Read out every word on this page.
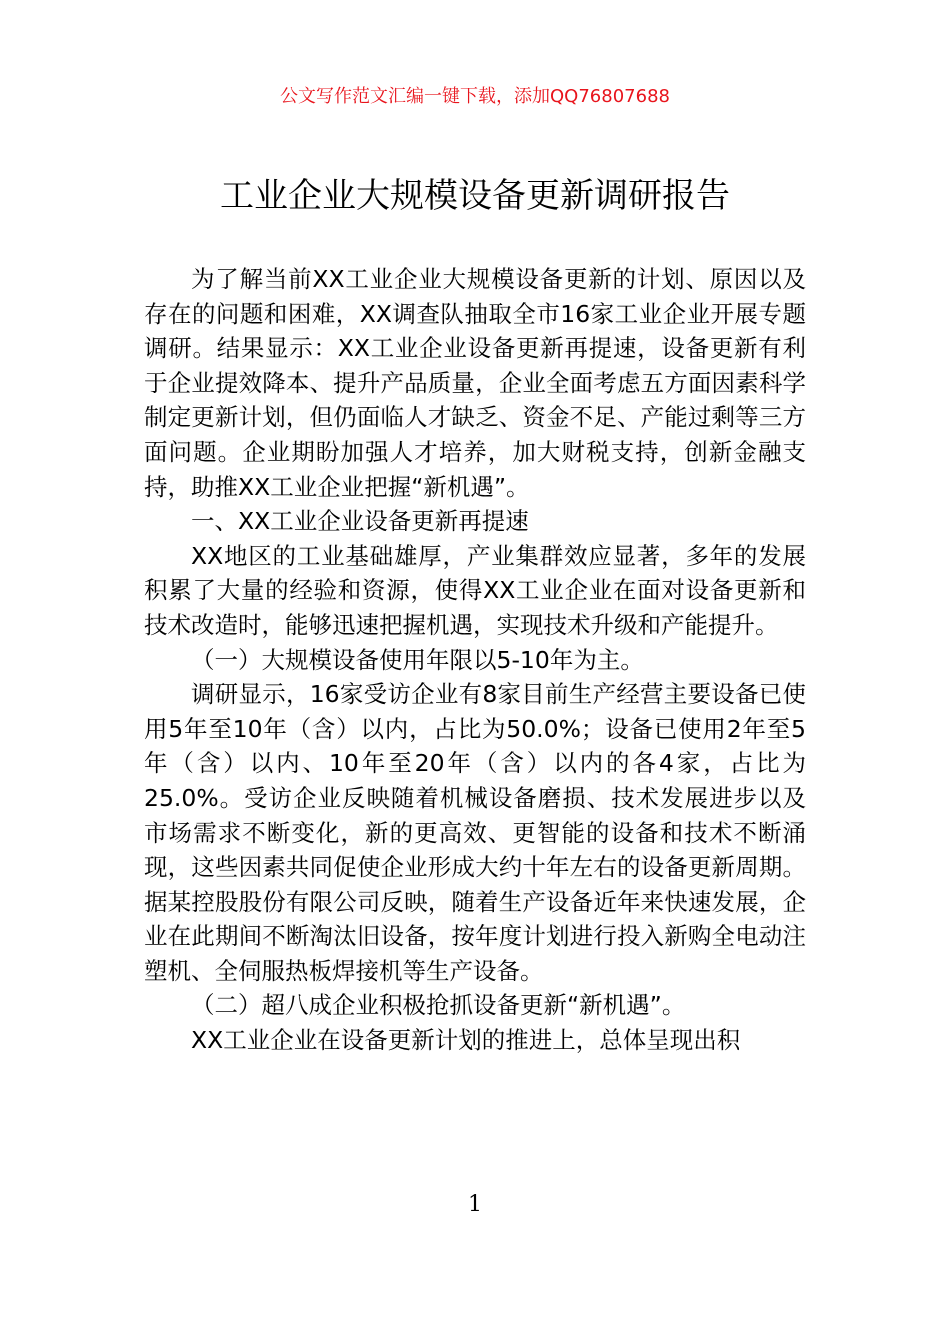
公文写作范文汇编一键下载，添加QQ76807688
工业企业大规模设备更新调研报告

为了解当前XX工业企业大规模设备更新的计划、原因以及存在的问题和困难，XX调查队抽取全市16家工业企业开展专题调研。结果显示：XX工业企业设备更新再提速，设备更新有利于企业提效降本、提升产品质量，企业全面考虑五方面因素科学制定更新计划，但仍面临人才缺乏、资金不足、产能过剩等三方面问题。企业期盼加强人才培养，加大财税支持，创新金融支持，助推XX工业企业把握“新机遇”。

一、XX工业企业设备更新再提速

XX地区的工业基础雄厚，产业集群效应显著，多年的发展积累了大量的经验和资源，使得XX工业企业在面对设备更新和技术改造时，能够迅速把握机遇，实现技术升级和产能提升。

（一）大规模设备使用年限以5-10年为主。

调研显示，16家受访企业有8家目前生产经营主要设备已使用5年至10年（含）以内，占比为50.0%；设备已使用2年至5年（含）以内、10年至20年（含）以内的各4家，占比为25.0%。受访企业反映随着机械设备磨损、技术发展进步以及市场需求不断变化，新的更高效、更智能的设备和技术不断涌现，这些因素共同促使企业形成大约十年左右的设备更新周期。据某控股股份有限公司反映，随着生产设备近年来快速发展，企业在此期间不断淘汰旧设备，按年度计划进行投入新购全电动注塑机、全伺服热板焊接机等生产设备。

（二）超八成企业积极抢抓设备更新“新机遇”。

XX工业企业在设备更新计划的推进上，总体呈现出积

1
